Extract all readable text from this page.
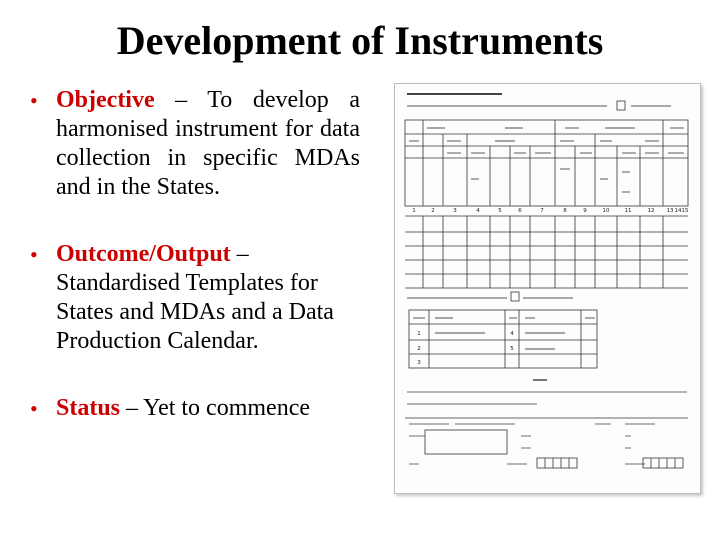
Development of Instruments
• Objective – To develop a harmonised instrument for data collection in specific MDAs and in the States.
• Outcome/Output – Standardised Templates for States and MDAs and a Data Production Calendar.
• Status – Yet to commence
1	2	3	4	5	6	7	8	9	10	11	12 13 14 15
1
2
3
4
5
